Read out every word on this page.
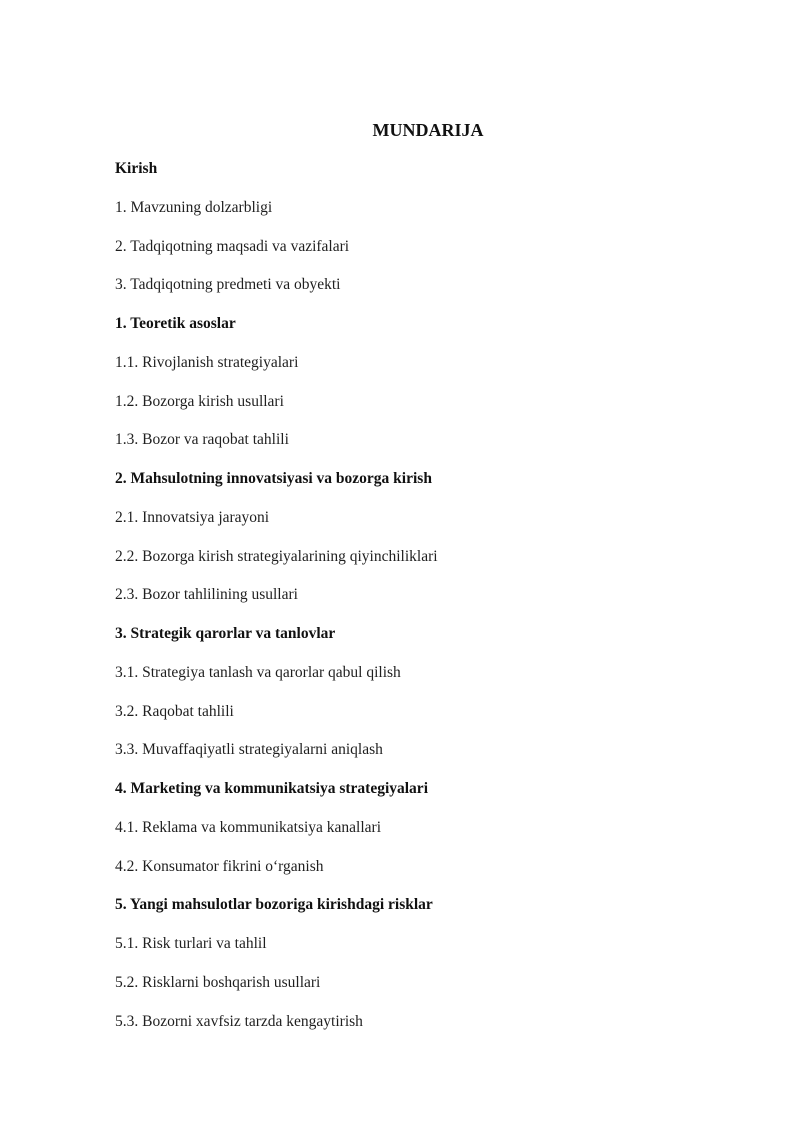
MUNDARIJA
Kirish
1. Mavzuning dolzarbligi
2. Tadqiqotning maqsadi va vazifalari
3. Tadqiqotning predmeti va obyekti
1. Teoretik asoslar
1.1. Rivojlanish strategiyalari
1.2. Bozorga kirish usullari
1.3. Bozor va raqobat tahlili
2. Mahsulotning innovatsiyasi va bozorga kirish
2.1. Innovatsiya jarayoni
2.2. Bozorga kirish strategiyalarining qiyinchiliklari
2.3. Bozor tahlilining usullari
3. Strategik qarorlar va tanlovlar
3.1. Strategiya tanlash va qarorlar qabul qilish
3.2. Raqobat tahlili
3.3. Muvaffaqiyatli strategiyalarni aniqlash
4. Marketing va kommunikatsiya strategiyalari
4.1. Reklama va kommunikatsiya kanallari
4.2. Konsumator fikrini o‘rganish
5. Yangi mahsulotlar bozoriga kirishdagi risklar
5.1. Risk turlari va tahlil
5.2. Risklarni boshqarish usullari
5.3. Bozorni xavfsiz tarzda kengaytirish
